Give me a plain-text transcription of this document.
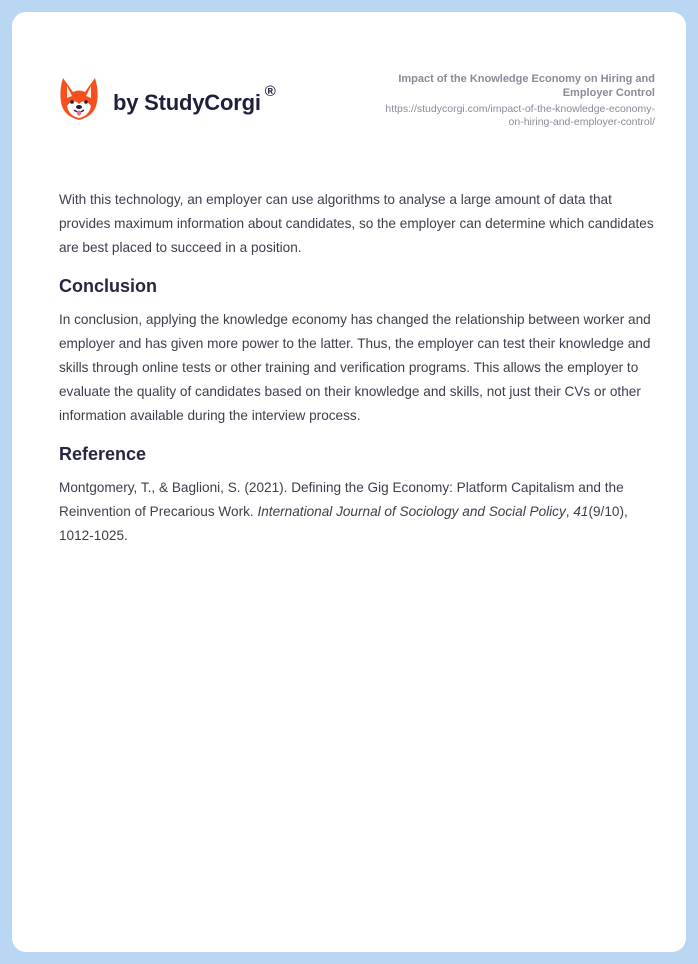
by StudyCorgi ®
Impact of the Knowledge Economy on Hiring and
Employer Control
https://studycorgi.com/impact-of-the-knowledge-economy-
on-hiring-and-employer-control/

With this technology, an employer can use algorithms to analyse a large amount of data that provides maximum information about candidates, so the employer can determine which candidates are best placed to succeed in a position.

Conclusion

In conclusion, applying the knowledge economy has changed the relationship between worker and employer and has given more power to the latter. Thus, the employer can test their knowledge and skills through online tests or other training and verification programs. This allows the employer to evaluate the quality of candidates based on their knowledge and skills, not just their CVs or other information available during the interview process.

Reference

Montgomery, T., & Baglioni, S. (2021). Defining the Gig Economy: Platform Capitalism and the Reinvention of Precarious Work. International Journal of Sociology and Social Policy, 41(9/10), 1012-1025.
